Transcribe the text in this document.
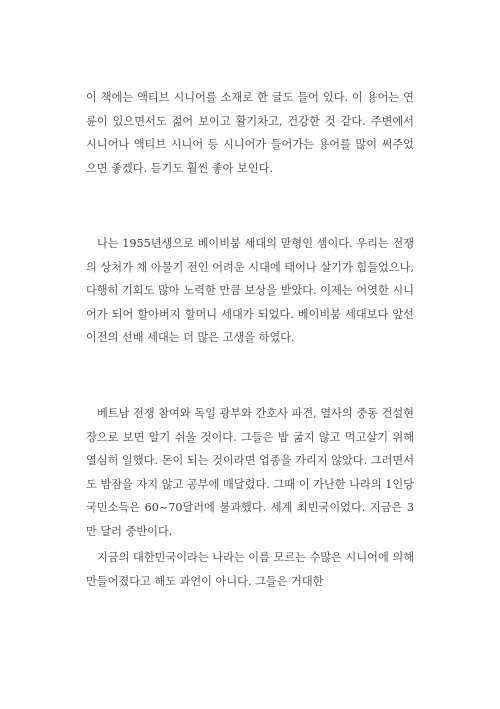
이 책에는 액티브 시니어를 소재로 한 글도 들어 있다. 이 용어는 연륜이 있으면서도 젊어 보이고 활기차고, 건강한 것 같다. 주변에서 시니어나 액티브 시니어 등 시니어가 들어가는 용어를 많이 써주었으면 좋겠다. 듣기도 훨씬 좋아 보인다.

나는 1955년생으로 베이비붐 세대의 맏형인 셈이다. 우리는 전쟁의 상처가 채 아물기 전인 어려운 시대에 태어나 살기가 힘들었으나, 다행히 기회도 많아 노력한 만큼 보상을 받았다. 이제는 어엿한 시니어가 되어 할아버지 할머니 세대가 되었다. 베이비붐 세대보다 앞선 이전의 선배 세대는 더 많은 고생을 하였다.

베트남 전쟁 참여와 독일 광부와 간호사 파견, 열사의 중동 건설현장으로 보면 알기 쉬울 것이다. 그들은 밥 굶지 않고 먹고살기 위해 열심히 일했다. 돈이 되는 것이라면 업종을 가리지 않았다. 그러면서도 밤잠을 자지 않고 공부에 매달렸다. 그때 이 가난한 나라의 1인당 국민소득은 60~70달러에 불과했다. 세계 최빈국이었다. 지금은 3만 달러 중반이다.

지금의 대한민국이라는 나라는 이름 모르는 수많은 시니어에 의해 만들어졌다고 해도 과언이 아니다. 그들은 거대한
